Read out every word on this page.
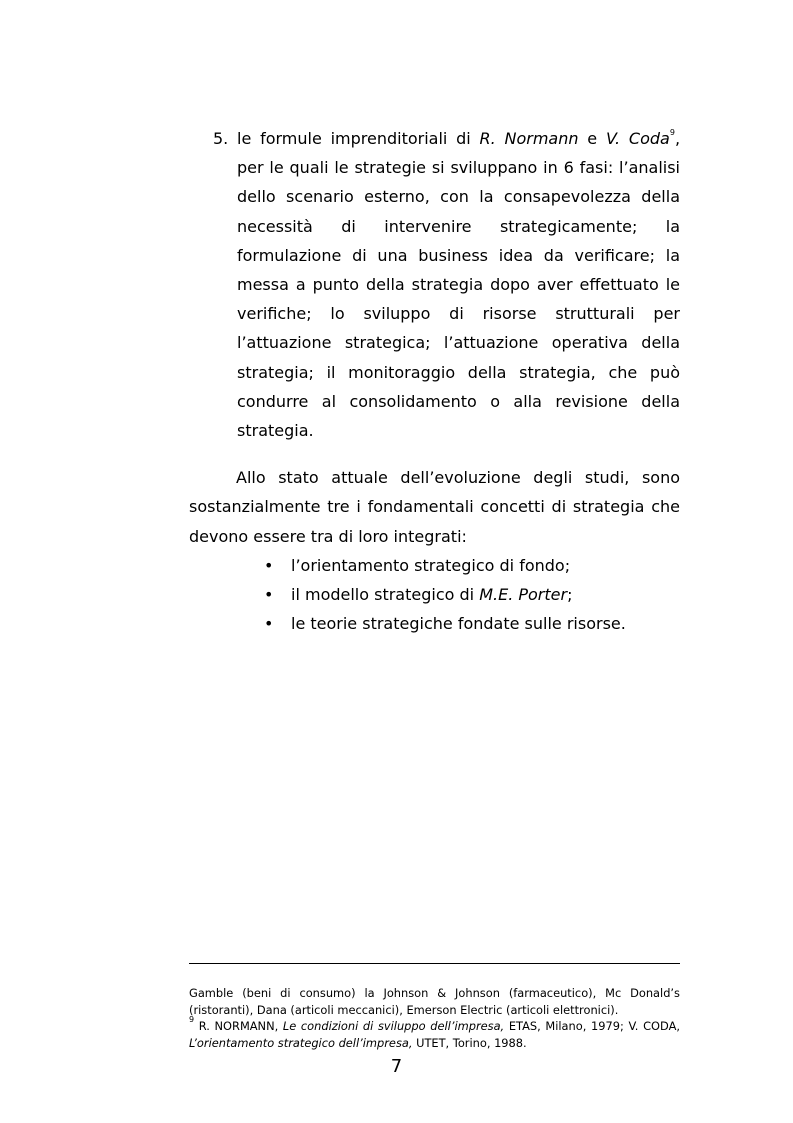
5. le formule imprenditoriali di R. Normann e V. Coda$^9$, per le quali le strategie si sviluppano in 6 fasi: l’analisi dello scenario esterno, con la consapevolezza della necessità di intervenire strategicamente; la formulazione di una business idea da verificare; la messa a punto della strategia dopo aver effettuato le verifiche; lo sviluppo di risorse strutturali per l’attuazione strategica; l’attuazione operativa della strategia; il monitoraggio della strategia, che può condurre al consolidamento o alla revisione della strategia.
Allo stato attuale dell’evoluzione degli studi, sono sostanzialmente tre i fondamentali concetti di strategia che devono essere tra di loro integrati:
• l’orientamento strategico di fondo;
• il modello strategico di M.E. Porter;
• le teorie strategiche fondate sulle risorse.
Gamble (beni di consumo) la Johnson & Johnson (farmaceutico), Mc Donald’s (ristoranti), Dana (articoli meccanici), Emerson Electric (articoli elettronici).
$^9$ R. NORMANN, Le condizioni di sviluppo dell’impresa, ETAS, Milano, 1979; V. CODA, L’orientamento strategico dell’impresa, UTET, Torino, 1988.
7
